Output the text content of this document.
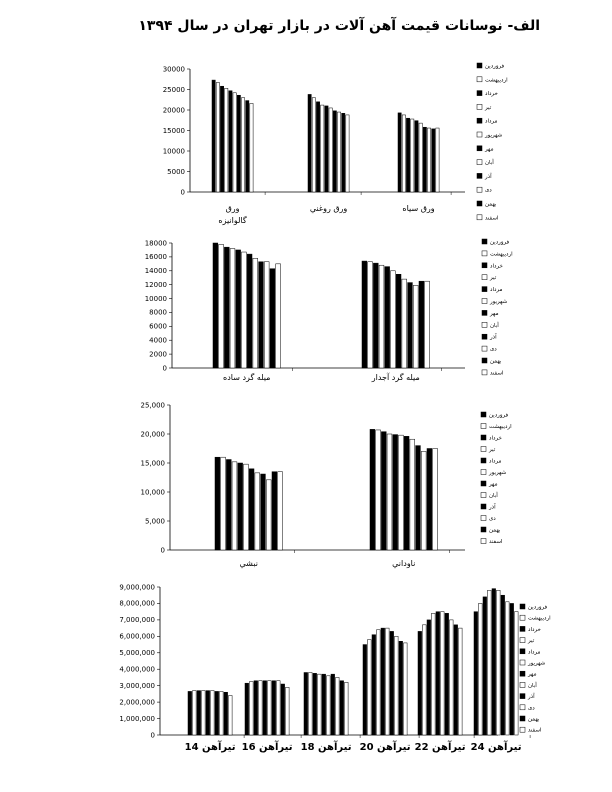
الف- نوسانات قیمت آهن آلات در بازار تهران در سال ۱۳۹۴
0
5000
10000
15000
20000
25000
30000
ورق
گالوانیزه
ورق روغني	ورق سياه
فروردین
اردیبهشت
خرداد
تیر
مرداد
شهریور
مهر
آبان
آذر
دی
بهمن
اسفند
0
2000
4000
6000
8000
10000
12000
14000
16000
18000
میله گرد ساده	میله گرد آجدار
فروردین
اردیبهشت
خرداد
تیر
مرداد
شهریور
مهر
آبان
آذر
دی
بهمن
اسفند
0
5,000
10,000
15,000
20,000
25,000
نبشي	ناوداني
فروردین
اردیبهشت
خرداد
تیر
مرداد
شهریور
مهر
آبان
آذر
دی
بهمن
اسفند
0
1,000,000
2,000,000
3,000,000
4,000,000
5,000,000
6,000,000
7,000,000
8,000,000
9,000,000
تيرآهن 14 تيرآهن 16 تيرآهن 18 تيرآهن 20 تيرآهن 22 تيرآهن 24
فروردین
اردیبهشت
خرداد
تیر
مرداد
شهریور
مهر
آبان
آذر
دی
بهمن
اسفند
